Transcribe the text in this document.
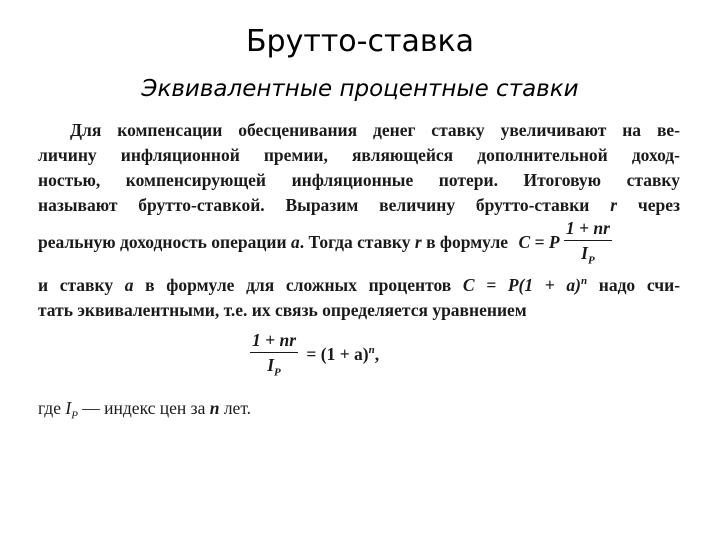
Брутто-ставка
Эквивалентные процентные ставки
Для компенсации обесценивания денег ставку увеличивают на ве-
личину инфляционной премии, являющейся дополнительной доход-
ностью, компенсирующей инфляционные потери. Итоговую ставку
называют брутто-ставкой. Выразим величину брутто-ставки r через
реальную доходность операции a. Тогда ставку r в формуле C = P $\frac{1 + nr}{I_P}$
и ставку a в формуле для сложных процентов $C = P(1 + a)^n$ надо счи-
тать эквивалентными, т.е. их связь определяется уравнением
$\frac{1 + nr}{I_P} = (1 + a)^n$,
где $I_P$ — индекс цен за n лет.
